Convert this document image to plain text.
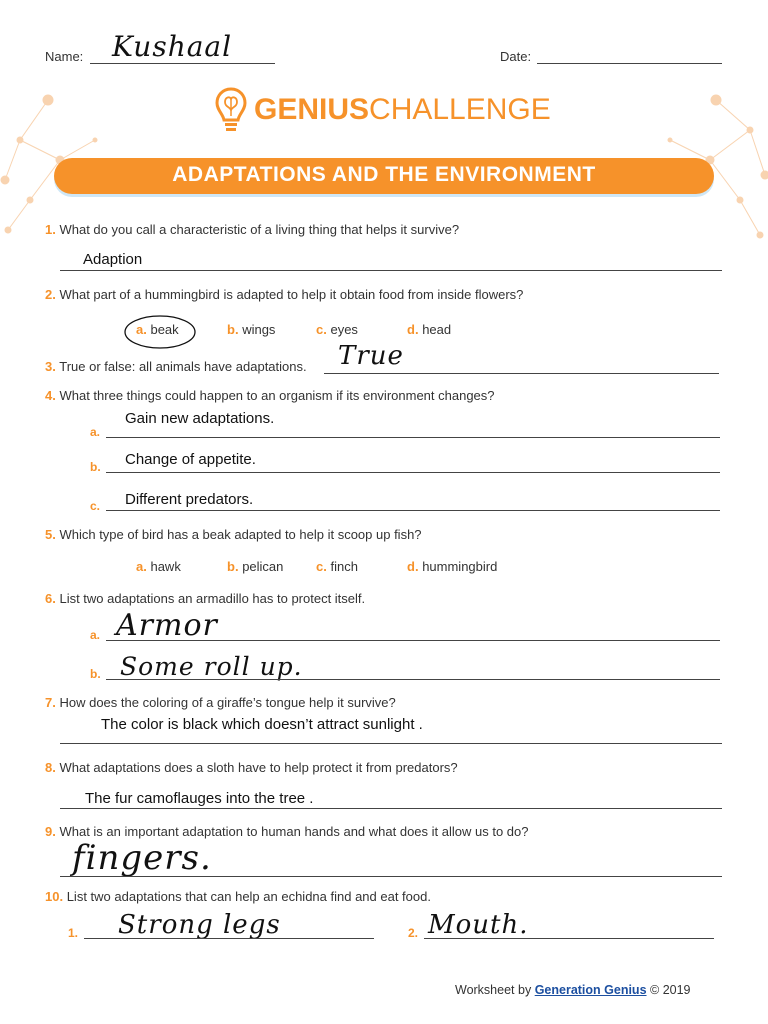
Name: Kushaal	Date:
GENIUSCHALLENGE
ADAPTATIONS AND THE ENVIRONMENT
1. What do you call a characteristic of a living thing that helps it survive?
Adaption
2. What part of a hummingbird is adapted to help it obtain food from inside flowers?
a. beak	b. wings	c. eyes	d. head
3. True or false: all animals have adaptations. True
4. What three things could happen to an organism if its environment changes?
a.
Gain new adaptations.
b. Change of appetite.
c. Different predators.
5. Which type of bird has a beak adapted to help it scoop up fish?
a. hawk	b. pelican	c. finch	d. hummingbird
6. List two adaptations an armadillo has to protect itself.
a. Armor
b. Some roll up.
7. How does the coloring of a giraffe’s tongue help it survive?
The color is black which doesn’t attract sunlight .
8. What adaptations does a sloth have to help protect it from predators?
The fur camoflauges into the tree .
9. What is an important adaptation to human hands and what does it allow us to do?
fingers.
10. List two adaptations that can help an echidna find and eat food.
1. Strong legs	2. Mouth.
Worksheet by Generation Genius © 2019
